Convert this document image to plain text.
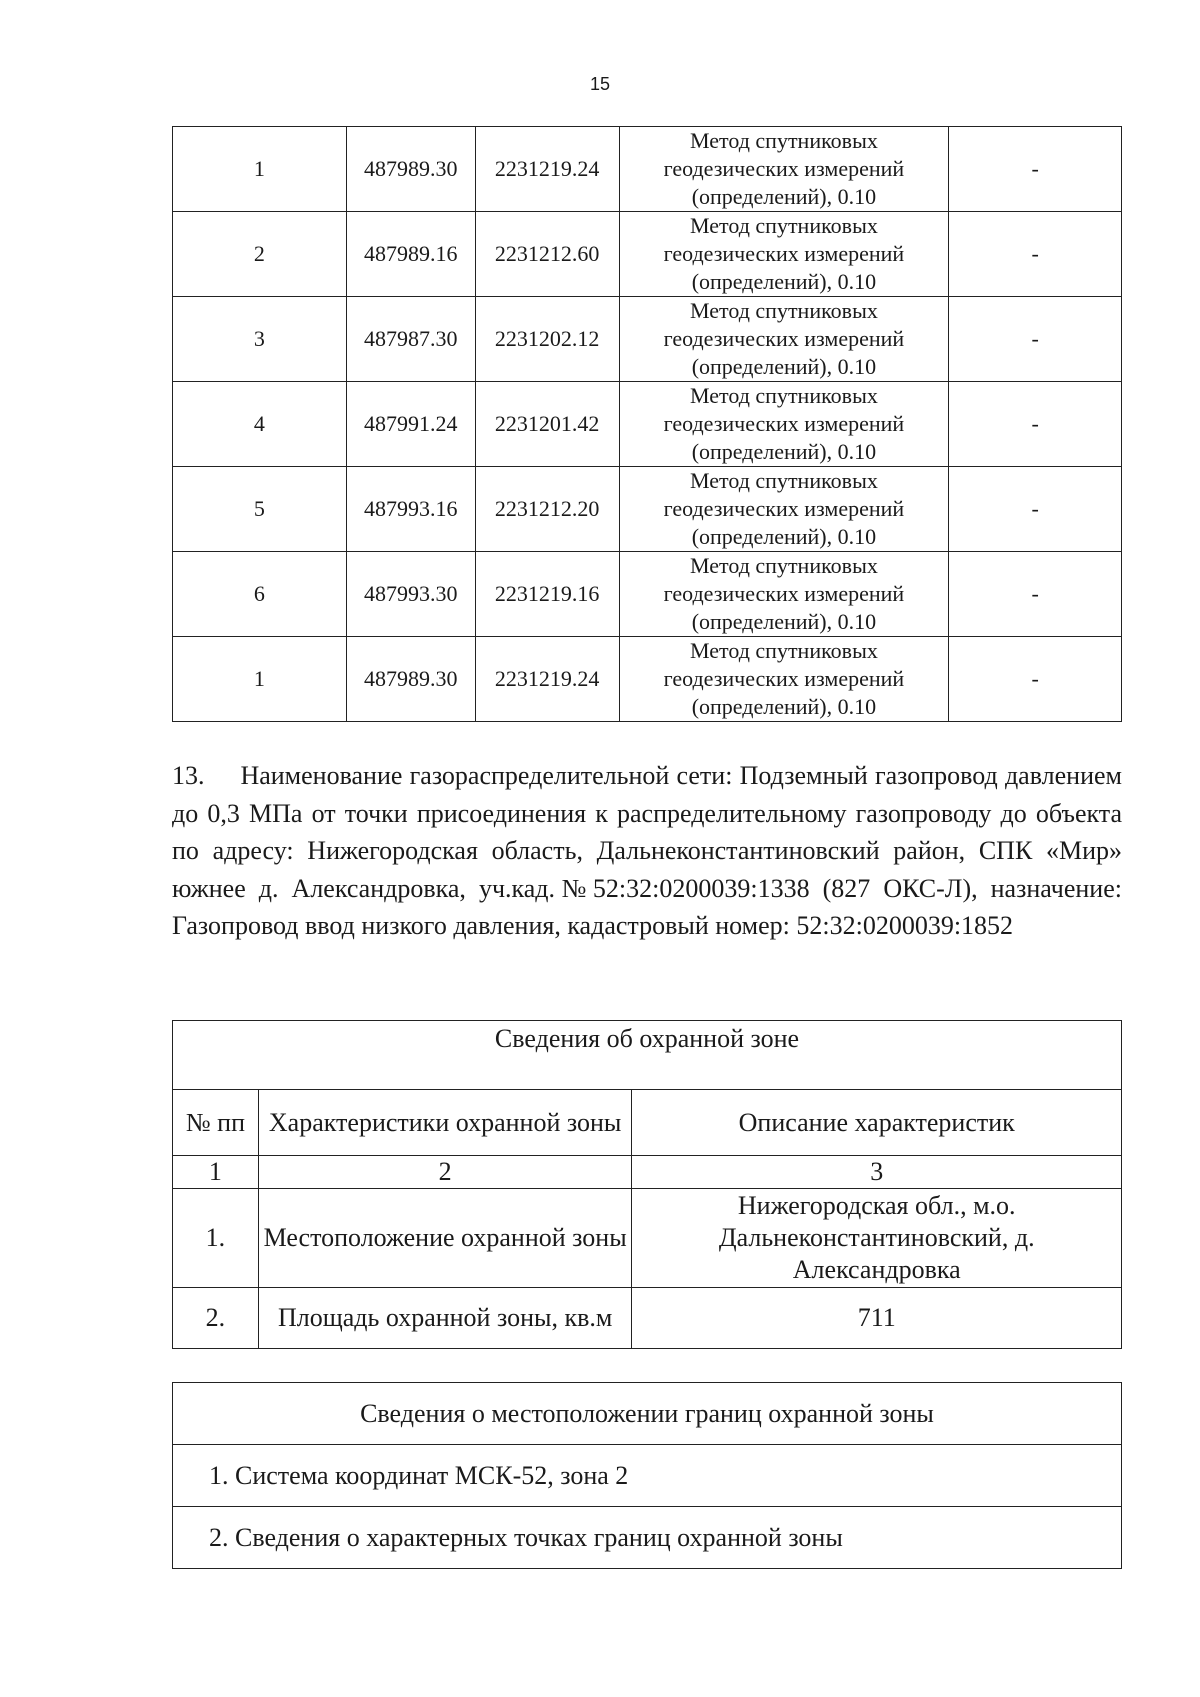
15
1	487989.30	2231219.24	Метод спутниковых
геодезических измерений
(определений), 0.10	-
2	487989.16	2231212.60	Метод спутниковых
геодезических измерений
(определений), 0.10	-
3	487987.30	2231202.12	Метод спутниковых
геодезических измерений
(определений), 0.10	-
4	487991.24	2231201.42	Метод спутниковых
геодезических измерений
(определений), 0.10	-
5	487993.16	2231212.20	Метод спутниковых
геодезических измерений
(определений), 0.10	-
6	487993.30	2231219.16	Метод спутниковых
геодезических измерений
(определений), 0.10	-
1	487989.30	2231219.24	Метод спутниковых
геодезических измерений
(определений), 0.10	-
13.     Наименование газораспределительной сети: Подземный газопровод давлением до 0,3 МПа от точки присоединения к распределительному газопроводу до объекта по адресу: Нижегородская область, Дальнеконстантиновский район, СПК «Мир» южнее д. Александровка, уч.кад.№52:32:0200039:1338 (827 ОКС-Л), назначение: Газопровод ввод низкого давления, кадастровый номер: 52:32:0200039:1852
Сведения об охранной зоне		
№ пп	Характеристики охранной зоны	Описание характеристик
1	2	3
1.	Местоположение охранной зоны	Нижегородская обл., м.о. Дальнеконстантиновский, д. Александровка
2.	Площадь охранной зоны, кв.м	711
Сведения о местоположении границ охранной зоны
1. Система координат МСК-52, зона 2
2. Сведения о характерных точках границ охранной зоны
